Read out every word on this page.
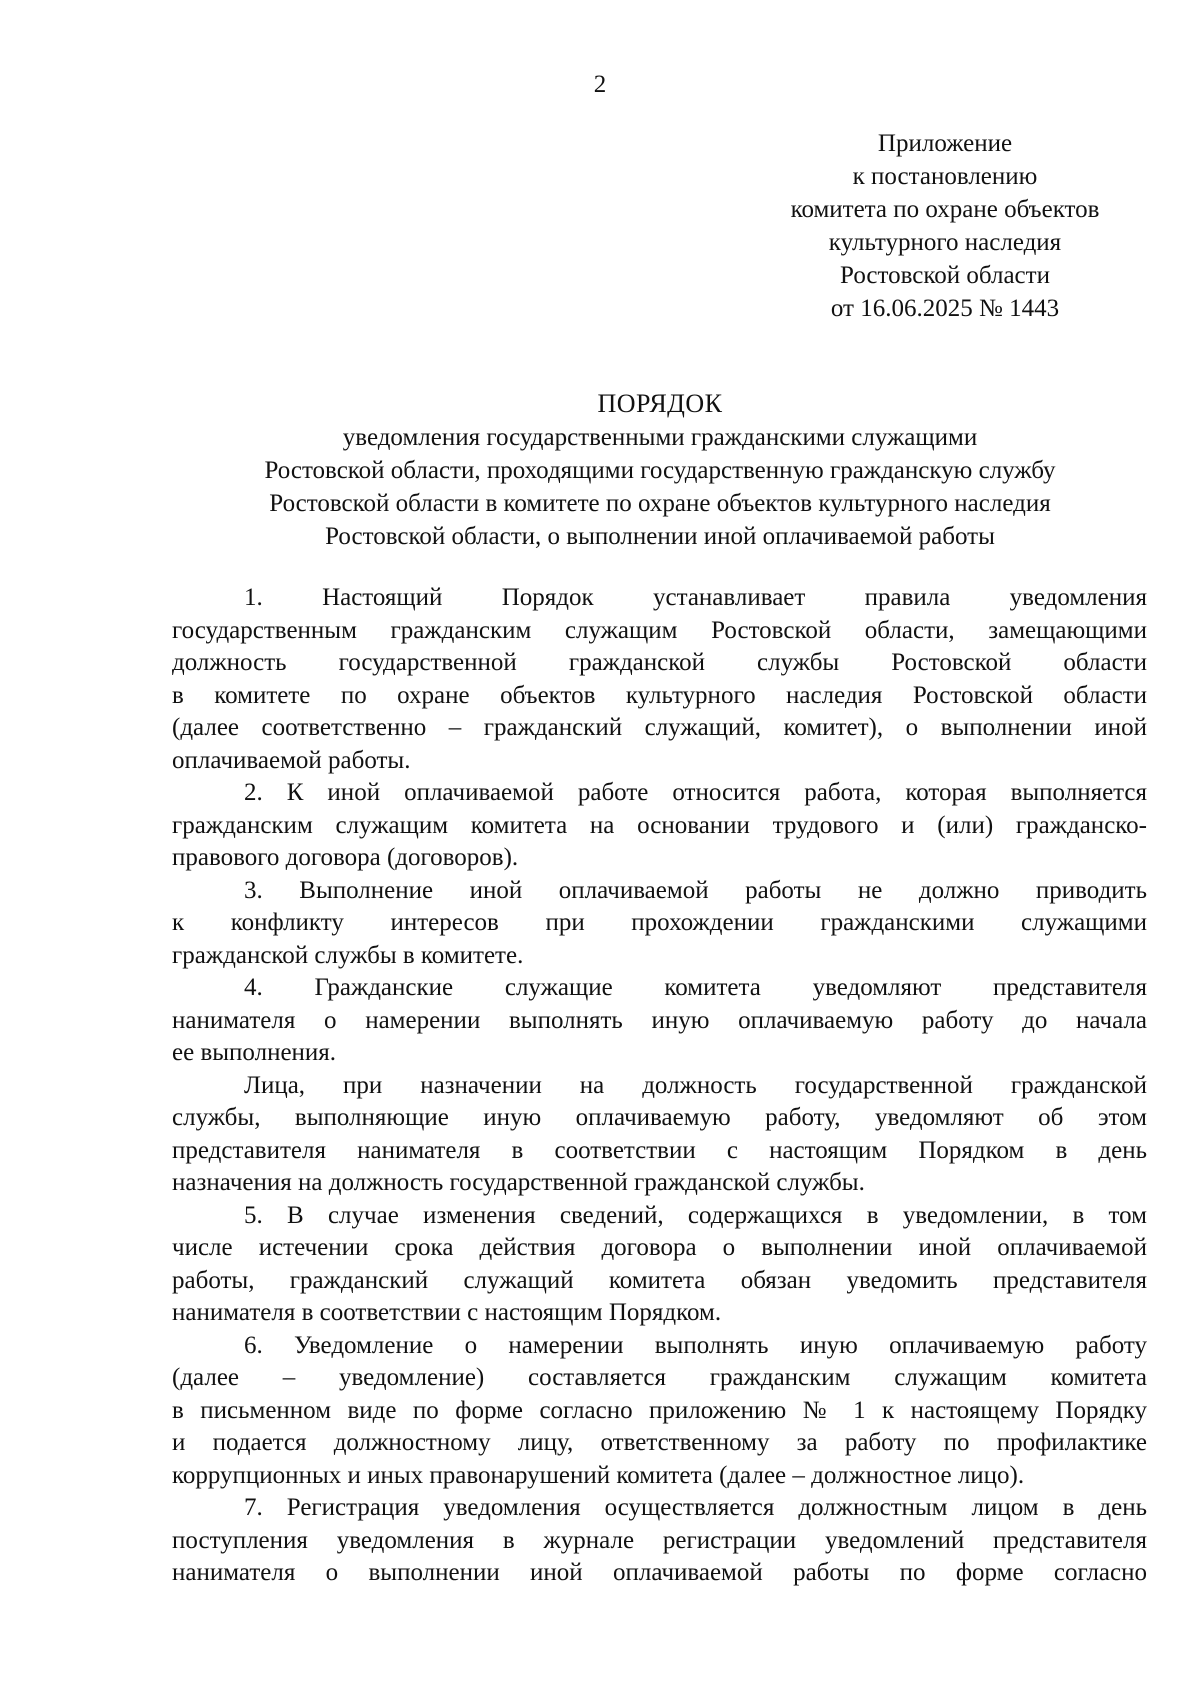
2
Приложение
к постановлению
комитета по охране объектов
культурного наследия
Ростовской области
от 16.06.2025 № 1443
ПОРЯДОК
уведомления государственными гражданскими служащими
Ростовской области, проходящими государственную гражданскую службу
Ростовской области в комитете по охране объектов культурного наследия
Ростовской области, о выполнении иной оплачиваемой работы
1. Настоящий Порядок устанавливает правила уведомления
государственным гражданским служащим Ростовской области, замещающими
должность государственной гражданской службы Ростовской области
в комитете по охране объектов культурного наследия Ростовской области
(далее соответственно – гражданский служащий, комитет), о выполнении иной
оплачиваемой работы.
2. К иной оплачиваемой работе относится работа, которая выполняется
гражданским служащим комитета на основании трудового и (или) гражданско-
правового договора (договоров).
3. Выполнение иной оплачиваемой работы не должно приводить
к конфликту интересов при прохождении гражданскими служащими
гражданской службы в комитете.
4. Гражданские служащие комитета уведомляют представителя
нанимателя о намерении выполнять иную оплачиваемую работу до начала
ее выполнения.
Лица, при назначении на должность государственной гражданской
службы, выполняющие иную оплачиваемую работу, уведомляют об этом
представителя нанимателя в соответствии с настоящим Порядком в день
назначения на должность государственной гражданской службы.
5. В случае изменения сведений, содержащихся в уведомлении, в том
числе истечении срока действия договора о выполнении иной оплачиваемой
работы, гражданский служащий комитета обязан уведомить представителя
нанимателя в соответствии с настоящим Порядком.
6. Уведомление о намерении выполнять иную оплачиваемую работу
(далее – уведомление) составляется гражданским служащим комитета
в письменном виде по форме согласно приложению № 1 к настоящему Порядку
и подается должностному лицу, ответственному за работу по профилактике
коррупционных и иных правонарушений комитета (далее – должностное лицо).
7. Регистрация уведомления осуществляется должностным лицом в день
поступления уведомления в журнале регистрации уведомлений представителя
нанимателя о выполнении иной оплачиваемой работы по форме согласно
